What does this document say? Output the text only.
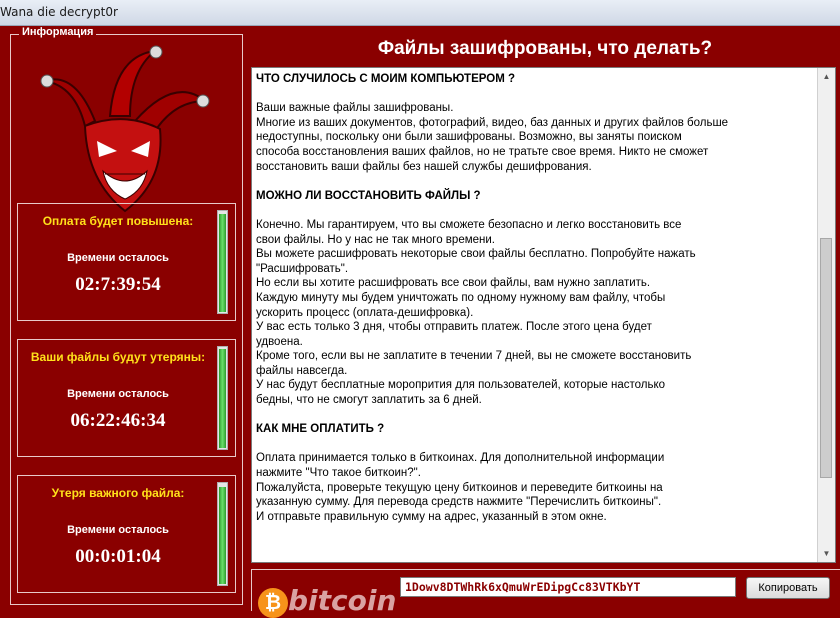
Wana die decrypt0r
Информация
Оплата будет повышена:
Времени осталось
02:7:39:54
Ваши файлы будут утеряны:
Времени осталось
06:22:46:34
Утеря важного файла:
Времени осталось
00:0:01:04
Файлы зашифрованы, что делать?

ЧТО СЛУЧИЛОСЬ С МОИМ КОМПЬЮТЕРОМ ?

Ваши важные файлы зашифрованы.
Многие из ваших документов, фотографий, видео, баз данных и других файлов больше
недоступны, поскольку они были зашифрованы. Возможно, вы заняты поиском
способа восстановления ваших файлов, но не тратьте свое время. Никто не сможет
восстановить ваши файлы без нашей службы дешифрования.

МОЖНО ЛИ ВОССТАНОВИТЬ ФАЙЛЫ ?

Конечно. Мы гарантируем, что вы сможете безопасно и легко восстановить все
свои файлы. Но у нас не так много времени.
Вы можете расшифровать некоторые свои файлы бесплатно. Попробуйте нажать
"Расшифровать".
Но если вы хотите расшифровать все свои файлы, вам нужно заплатить.
Каждую минуту мы будем уничтожать по одному нужному вам файлу, чтобы
ускорить процесс (оплата-дешифровка).
У вас есть только 3 дня, чтобы отправить платеж. После этого цена будет
удвоена.
Кроме того, если вы не заплатите в течении 7 дней, вы не сможете восстановить
файлы навсегда.
У нас будут бесплатные моропрития для пользователей, которые настолько
бедны, что не смогут заплатить за 6 дней.

КАК МНЕ ОПЛАТИТЬ ?

Оплата принимается только в биткоинах. Для дополнительной информации
нажмите "Что такое биткоин?".
Пожалуйста, проверьте текущую цену биткоинов и переведите биткоины на
указанную сумму. Для перевода средств нажмите "Перечислить биткоины".
И отправьте правильную сумму на адрес, указанный в этом окне.

▲
▼
₿ bitcoin 1Dowv8DTWhRk6xQmuWrEDipgCc83VTKbYT	Копировать
